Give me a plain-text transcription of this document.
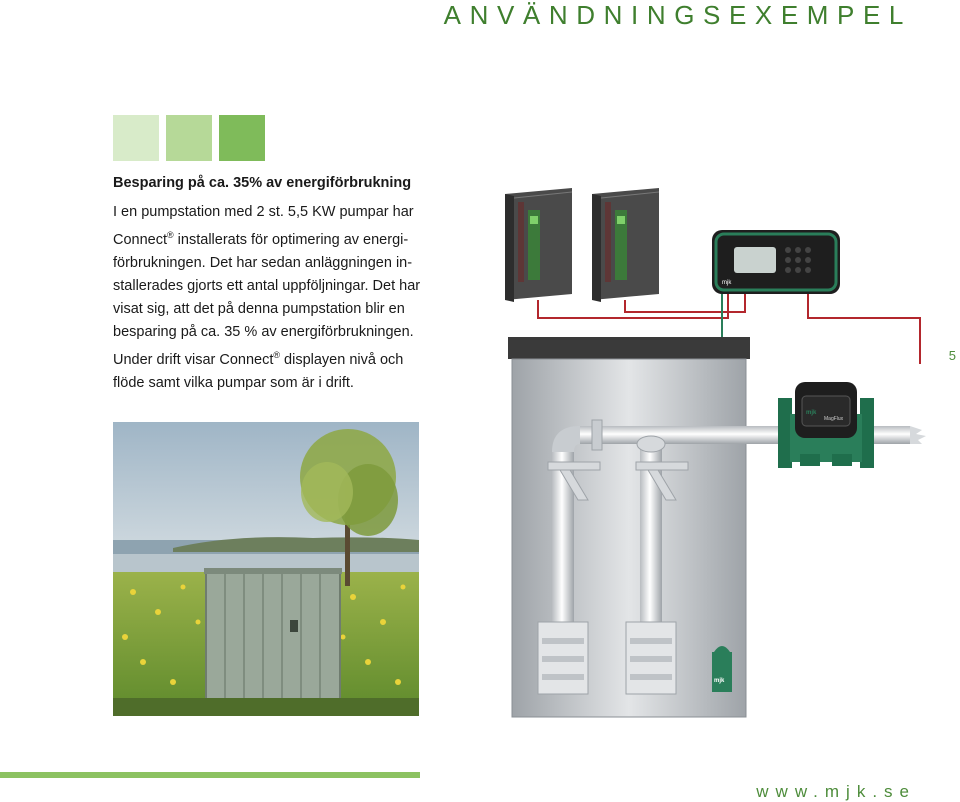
ANVÄNDNINGSEXEMPEL
Besparing på ca. 35% av energiförbrukning

I en pumpstation med 2 st. 5,5 KW pumpar har Connect® installerats för optimering av energi-förbrukningen. Det har sedan anläggningen in-stallerades gjorts ett antal uppföljningar. Det har visat sig, att det på denna pumpstation blir en besparing på ca. 35 % av energiförbrukningen.

Under drift visar Connect® displayen nivå och flöde samt vilka pumpar som är i drift.

5
mjk
mjk
MagFlux
mjk
www.mjk.se
